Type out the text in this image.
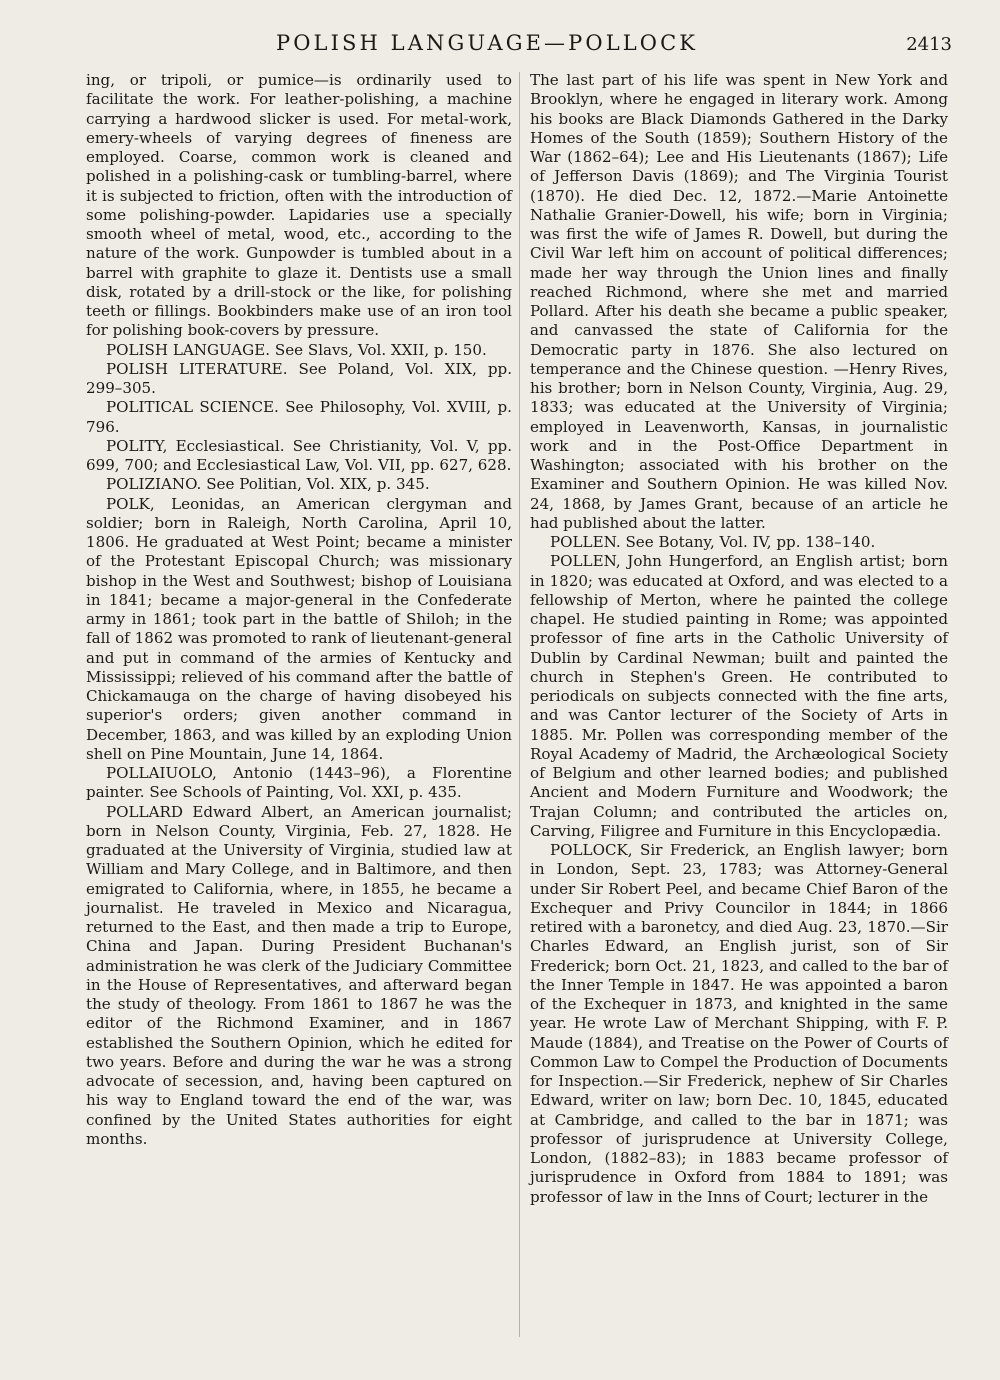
POLISH LANGUAGE—POLLOCK	2413

ing, or tripoli, or pumice—is ordinarily used to facilitate the work. For leather-polishing, a machine carrying a hardwood slicker is used. For metal-work, emery-wheels of varying degrees of fineness are employed. Coarse, common work is cleaned and polished in a polishing-cask or tumbling-barrel, where it is subjected to friction, often with the introduction of some polishing-powder. Lapidaries use a specially smooth wheel of metal, wood, etc., according to the nature of the work. Gunpowder is tumbled about in a barrel with graphite to glaze it. Dentists use a small disk, rotated by a drill-stock or the like, for polishing teeth or fillings. Bookbinders make use of an iron tool for polishing book-covers by pressure.

POLISH LANGUAGE. See Slavs, Vol. XXII, p. 150.

POLISH LITERATURE. See Poland, Vol. XIX, pp. 299–305.

POLITICAL SCIENCE. See Philosophy, Vol. XVIII, p. 796.

POLITY, Ecclesiastical. See Christianity, Vol. V, pp. 699, 700; and Ecclesiastical Law, Vol. VII, pp. 627, 628.

POLIZIANO. See Politian, Vol. XIX, p. 345.

POLK, Leonidas, an American clergyman and soldier; born in Raleigh, North Carolina, April 10, 1806. He graduated at West Point; became a minister of the Protestant Episcopal Church; was missionary bishop in the West and Southwest; bishop of Louisiana in 1841; became a major-general in the Confederate army in 1861; took part in the battle of Shiloh; in the fall of 1862 was promoted to rank of lieutenant-general and put in command of the armies of Kentucky and Mississippi; relieved of his command after the battle of Chickamauga on the charge of having disobeyed his superior's orders; given another command in December, 1863, and was killed by an exploding Union shell on Pine Mountain, June 14, 1864.

POLLAIUOLO, Antonio (1443–96), a Florentine painter. See Schools of Painting, Vol. XXI, p. 435.

POLLARD Edward Albert, an American journalist; born in Nelson County, Virginia, Feb. 27, 1828. He graduated at the University of Virginia, studied law at William and Mary College, and in Baltimore, and then emigrated to California, where, in 1855, he became a journalist. He traveled in Mexico and Nicaragua, returned to the East, and then made a trip to Europe, China and Japan. During President Buchanan's administration he was clerk of the Judiciary Committee in the House of Representatives, and afterward began the study of theology. From 1861 to 1867 he was the editor of the Richmond Examiner, and in 1867 established the Southern Opinion, which he edited for two years. Before and during the war he was a strong advocate of secession, and, having been captured on his way to England toward the end of the war, was confined by the United States authorities for eight months.

The last part of his life was spent in New York and Brooklyn, where he engaged in literary work. Among his books are Black Diamonds Gathered in the Darky Homes of the South (1859); Southern History of the War (1862–64); Lee and His Lieutenants (1867); Life of Jefferson Davis (1869); and The Virginia Tourist (1870). He died Dec. 12, 1872.—Marie Antoinette Nathalie Granier-Dowell, his wife; born in Virginia; was first the wife of James R. Dowell, but during the Civil War left him on account of political differences; made her way through the Union lines and finally reached Richmond, where she met and married Pollard. After his death she became a public speaker, and canvassed the state of California for the Democratic party in 1876. She also lectured on temperance and the Chinese question. —Henry Rives, his brother; born in Nelson County, Virginia, Aug. 29, 1833; was educated at the University of Virginia; employed in Leavenworth, Kansas, in journalistic work and in the Post-Office Department in Washington; associated with his brother on the Examiner and Southern Opinion. He was killed Nov. 24, 1868, by James Grant, because of an article he had published about the latter.

POLLEN. See Botany, Vol. IV, pp. 138–140.

POLLEN, John Hungerford, an English artist; born in 1820; was educated at Oxford, and was elected to a fellowship of Merton, where he painted the college chapel. He studied painting in Rome; was appointed professor of fine arts in the Catholic University of Dublin by Cardinal Newman; built and painted the church in Stephen's Green. He contributed to periodicals on subjects connected with the fine arts, and was Cantor lecturer of the Society of Arts in 1885. Mr. Pollen was corresponding member of the Royal Academy of Madrid, the Archæological Society of Belgium and other learned bodies; and published Ancient and Modern Furniture and Woodwork; the Trajan Column; and contributed the articles on, Carving, Filigree and Furniture in this Encyclopædia.

POLLOCK, Sir Frederick, an English lawyer; born in London, Sept. 23, 1783; was Attorney-General under Sir Robert Peel, and became Chief Baron of the Exchequer and Privy Councilor in 1844; in 1866 retired with a baronetcy, and died Aug. 23, 1870.—Sir Charles Edward, an English jurist, son of Sir Frederick; born Oct. 21, 1823, and called to the bar of the Inner Temple in 1847. He was appointed a baron of the Exchequer in 1873, and knighted in the same year. He wrote Law of Merchant Shipping, with F. P. Maude (1884), and Treatise on the Power of Courts of Common Law to Compel the Production of Documents for Inspection.—Sir Frederick, nephew of Sir Charles Edward, writer on law; born Dec. 10, 1845, educated at Cambridge, and called to the bar in 1871; was professor of jurisprudence at University College, London, (1882–83); in 1883 became professor of jurisprudence in Oxford from 1884 to 1891; was professor of law in the Inns of Court; lecturer in the
